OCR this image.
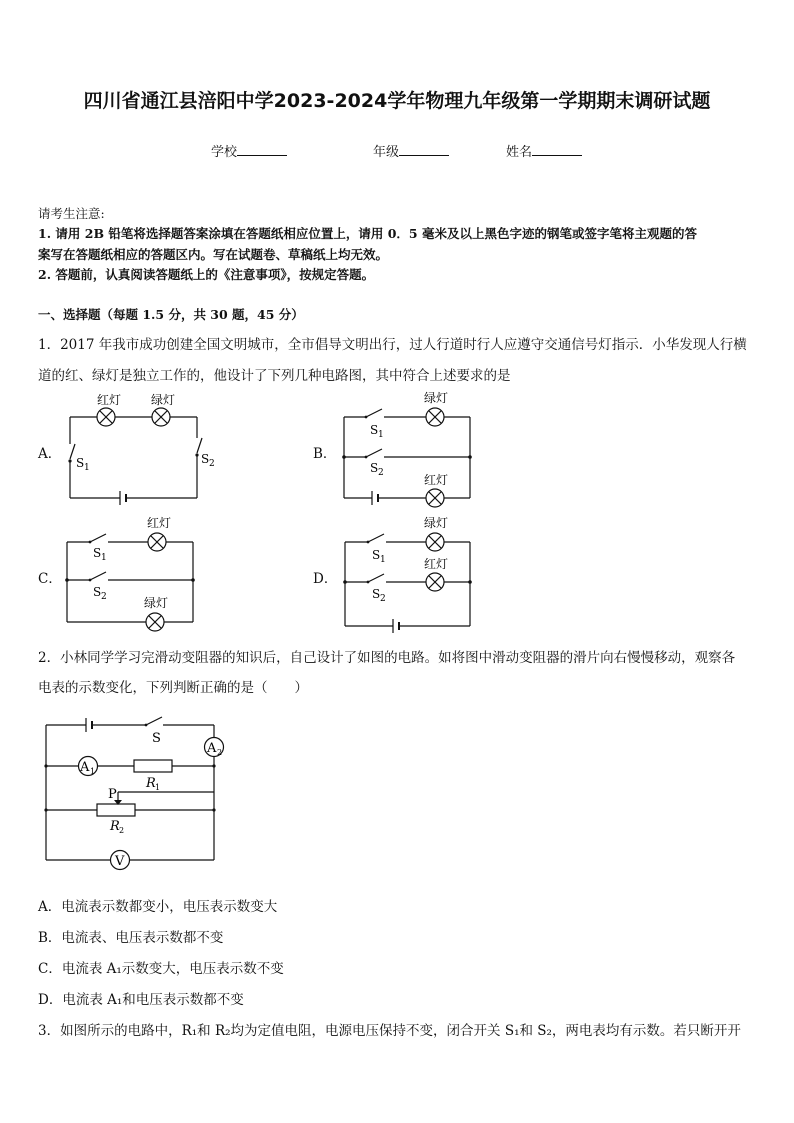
四川省通江县涪阳中学2023-2024学年物理九年级第一学期期末调研试题
学校	年级	姓名
请考生注意:
1. 请用 2B 铅笔将选择题答案涂填在答题纸相应位置上，请用 0．5 毫米及以上黑色字迹的钢笔或签字笔将主观题的答
案写在答题纸相应的答题区内。写在试题卷、草稿纸上均无效。
2. 答题前，认真阅读答题纸上的《注意事项》，按规定答题。
一、选择题（每题 1.5 分，共 30 题，45 分）
1．2017 年我市成功创建全国文明城市，全市倡导文明出行，过人行道时行人应遵守交通信号灯指示．小华发现人行横
道的红、绿灯是独立工作的，他设计了下列几种电路图，其中符合上述要求的是
A．	B．
C．	D．
红灯 绿灯
S 1
S 2
绿灯
S 1
S 2	红灯
红灯
S 1
S 2	绿灯
绿灯
S 1	红灯
S 2
2．小林同学学习完滑动变阻器的知识后，自己设计了如图的电路。如将图中滑动变阻器的滑片向右慢慢移动，观察各
电表的示数变化，下列判断正确的是（　　）
A 2
A 1
V
S
R 1
P
R 2
A．电流表示数都变小，电压表示数变大
B．电流表、电压表示数都不变
C．电流表 A₁示数变大，电压表示数不变
D．电流表 A₁和电压表示数都不变
3．如图所示的电路中，R₁和 R₂均为定值电阻，电源电压保持不变，闭合开关 S₁和 S₂，两电表均有示数。若只断开开
